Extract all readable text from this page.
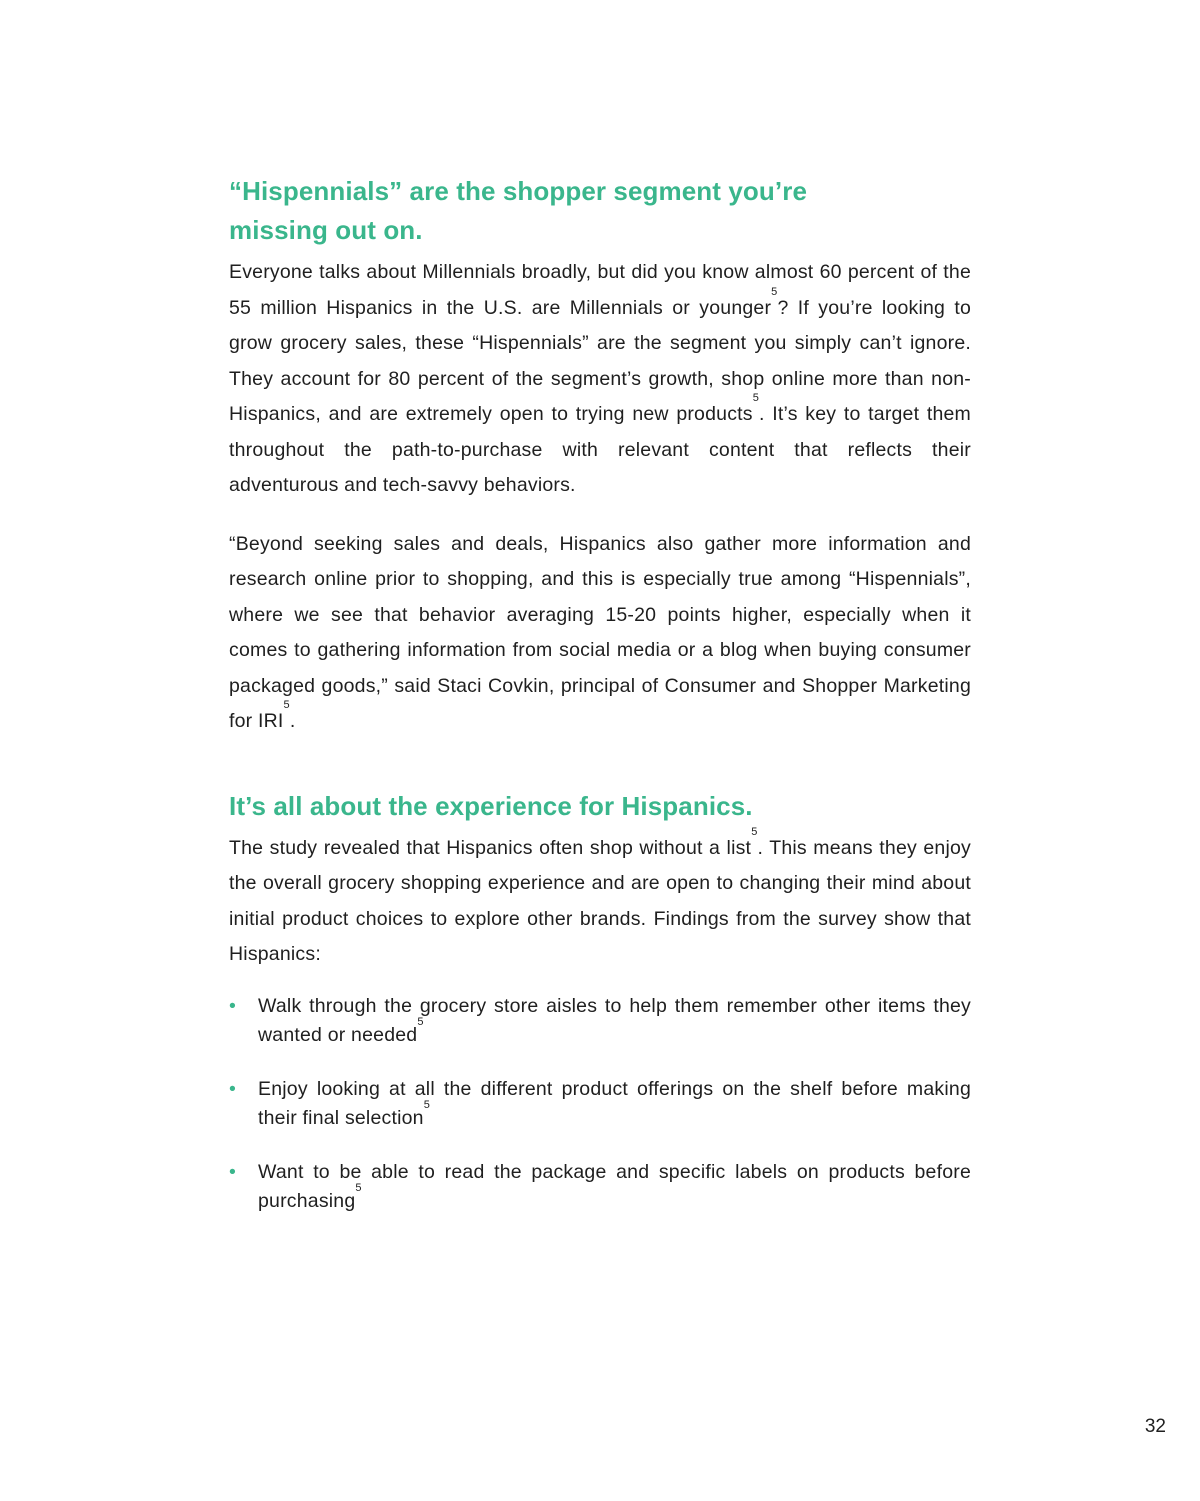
“Hispennials” are the shopper segment you’re missing out on.

Everyone talks about Millennials broadly, but did you know almost 60 percent of the 55 million Hispanics in the U.S. are Millennials or younger$^5$? If you’re looking to grow grocery sales, these “Hispennials” are the segment you simply can’t ignore. They account for 80 percent of the segment’s growth, shop online more than non-Hispanics, and are extremely open to trying new products$^5$. It’s key to target them throughout the path-to-purchase with relevant content that reflects their adventurous and tech-savvy behaviors.

“Beyond seeking sales and deals, Hispanics also gather more information and research online prior to shopping, and this is especially true among “Hispennials”, where we see that behavior averaging 15-20 points higher, especially when it comes to gathering information from social media or a blog when buying consumer packaged goods,” said Staci Covkin, principal of Consumer and Shopper Marketing for IRI$^5$.

It’s all about the experience for Hispanics.

The study revealed that Hispanics often shop without a list$^5$. This means they enjoy the overall grocery shopping experience and are open to changing their mind about initial product choices to explore other brands. Findings from the survey show that Hispanics:

• Walk through the grocery store aisles to help them remember other items they wanted or needed$^5$
• Enjoy looking at all the different product offerings on the shelf before making their final selection$^5$
• Want to be able to read the package and specific labels on products before purchasing$^5$
32
